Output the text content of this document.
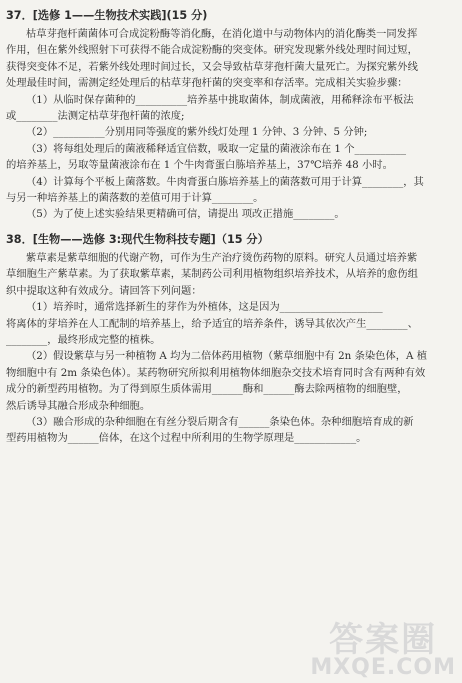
37．[选修 1——生物技术实践](15 分)

枯草芽孢杆菌菌体可合成淀粉酶等消化酶，在消化道中与动物体内的消化酶类一同发挥

作用，但在紫外线照射下可获得不能合成淀粉酶的突变体。研究发现紫外线处理时间过短，

获得突变体不足，若紫外线处理时间过长，又会导致枯草芽孢杆菌大量死亡。为探究紫外线

处理最佳时间，需测定经处理后的枯草芽孢杆菌的突变率和存活率。完成相关实验步骤：

（1）从临时保存菌种的__________培养基中挑取菌体，制成菌液，用稀释涂布平板法

或________法测定枯草芽孢杆菌的浓度;

（2）__________分别用同等强度的紫外线灯处理 1 分钟、3 分钟、5 分钟;

（3）将每组处理后的菌液稀释适宜倍数，吸取一定量的菌液涂布在 1 个__________

的培养基上，另取等量菌液涂布在 1 个牛肉膏蛋白胨培养基上，37℃培养 48 小时。

（4）计算每个平板上菌落数。牛肉膏蛋白胨培养基上的菌落数可用于计算________，其

与另一种培养基上的菌落数的差值可用于计算________。

（5）为了使上述实验结果更精确可信，请提出 项改正措施________。

38．[生物——选修 3:现代生物科技专题]（15 分）

紫草素是紫草细胞的代谢产物，可作为生产治疗烫伤药物的原料。研究人员通过培养紫

草细胞生产紫草素。为了获取紫草素，某制药公司利用植物组织培养技术，从培养的愈伤组

织中提取这种有效成分。请回答下列问题：

（1）培养时，通常选择新生的芽作为外植体，这是因为____________________

将离体的芽培养在人工配制的培养基上，给予适宜的培养条件，诱导其依次产生________、

________，最终形成完整的植株。

（2）假设紫草与另一种植物 A 均为二倍体药用植物（紫草细胞中有 2n 条染色体，A 植

物细胞中有 2m 条染色体）。某药物研究所拟利用植物体细胞杂交技术培育同时含有两种有效

成分的新型药用植物。为了得到原生质体需用______酶和______酶去除两植物的细胞壁，

然后诱导其融合形成杂种细胞。

（3）融合形成的杂种细胞在有丝分裂后期含有______条染色体。杂种细胞培育成的新

型药用植物为______倍体，在这个过程中所利用的生物学原理是____________。

答案圈
MXQE.COM
